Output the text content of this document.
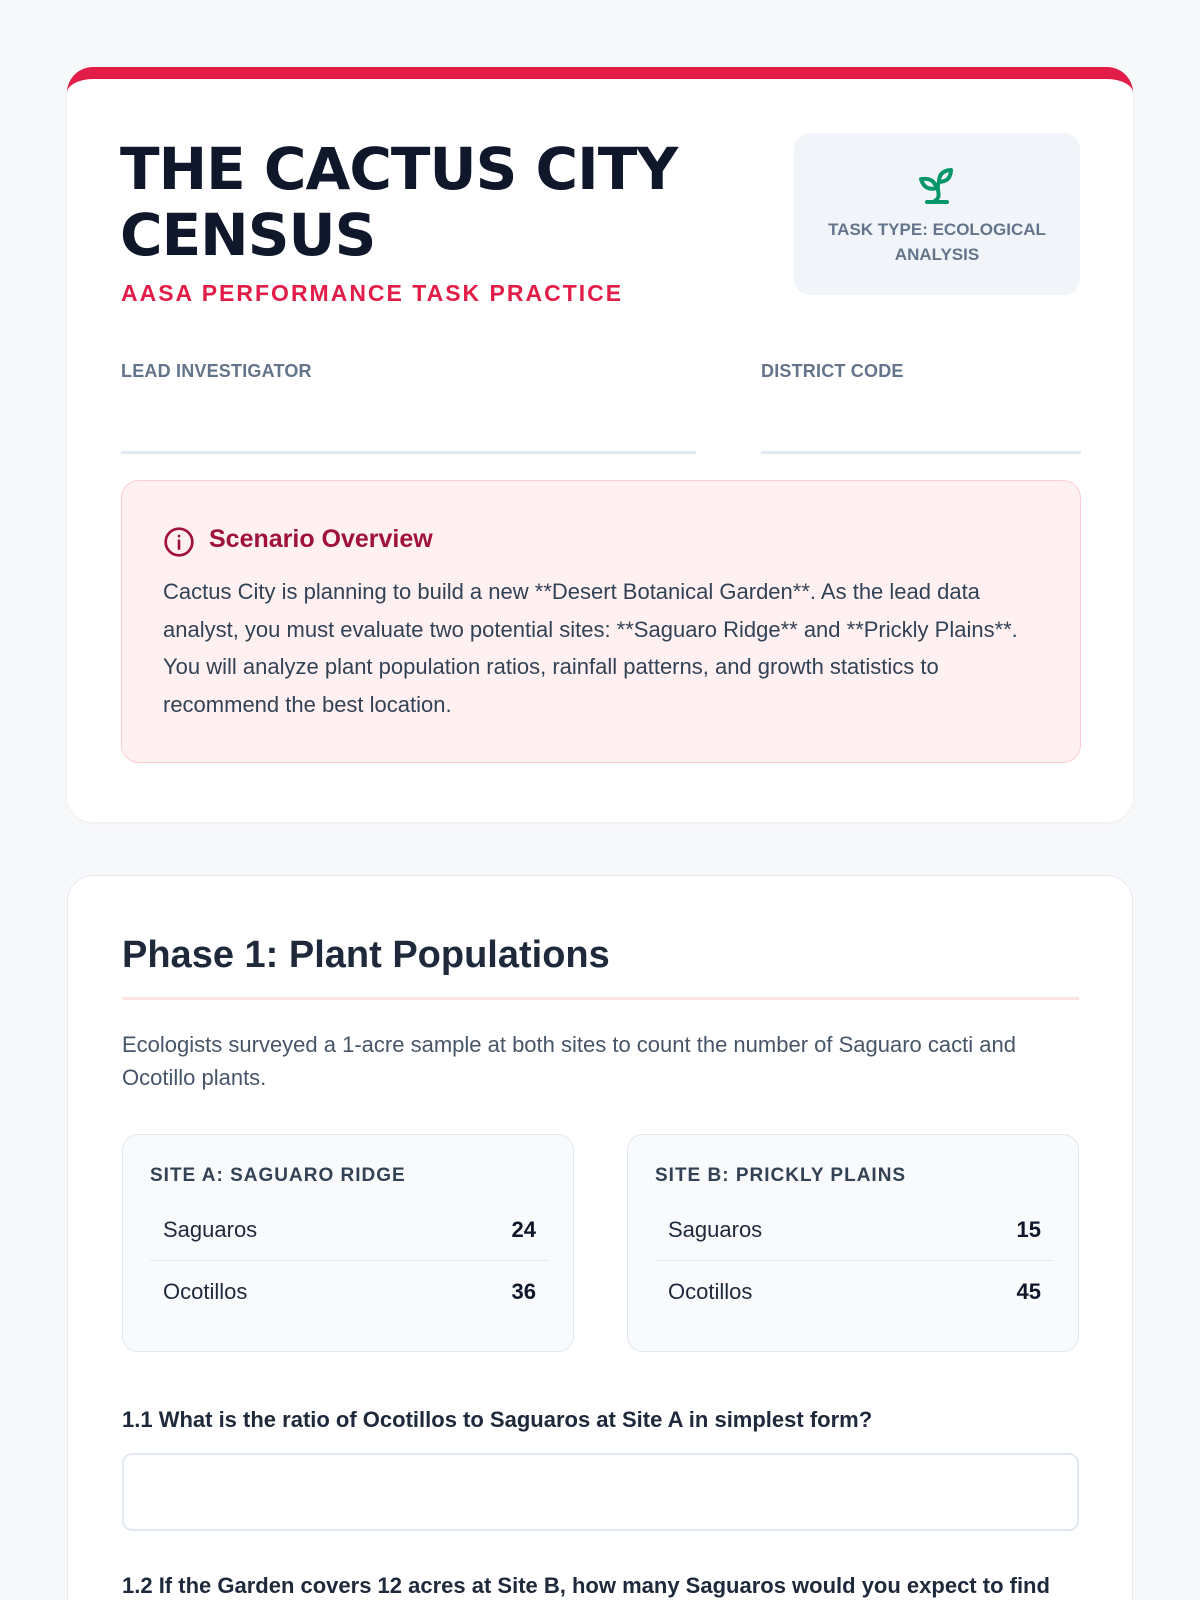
THE CACTUS CITY CENSUS
AASA PERFORMANCE TASK PRACTICE
TASK TYPE: ECOLOGICAL ANALYSIS
LEAD INVESTIGATOR	DISTRICT CODE
Scenario Overview

Cactus City is planning to build a new **Desert Botanical Garden**. As the lead data analyst, you must evaluate two potential sites: **Saguaro Ridge** and **Prickly Plains**. You will analyze plant population ratios, rainfall patterns, and growth statistics to recommend the best location.

Phase 1: Plant Populations

Ecologists surveyed a 1-acre sample at both sites to count the number of Saguaro cacti and Ocotillo plants.

SITE A: SAGUARO RIDGE
Saguaros	24
Ocotillos	36
SITE B: PRICKLY PLAINS
Saguaros	15
Ocotillos	45
1.1 What is the ratio of Ocotillos to Saguaros at Site A in simplest form?
1.2 If the Garden covers 12 acres at Site B, how many Saguaros would you expect to find
